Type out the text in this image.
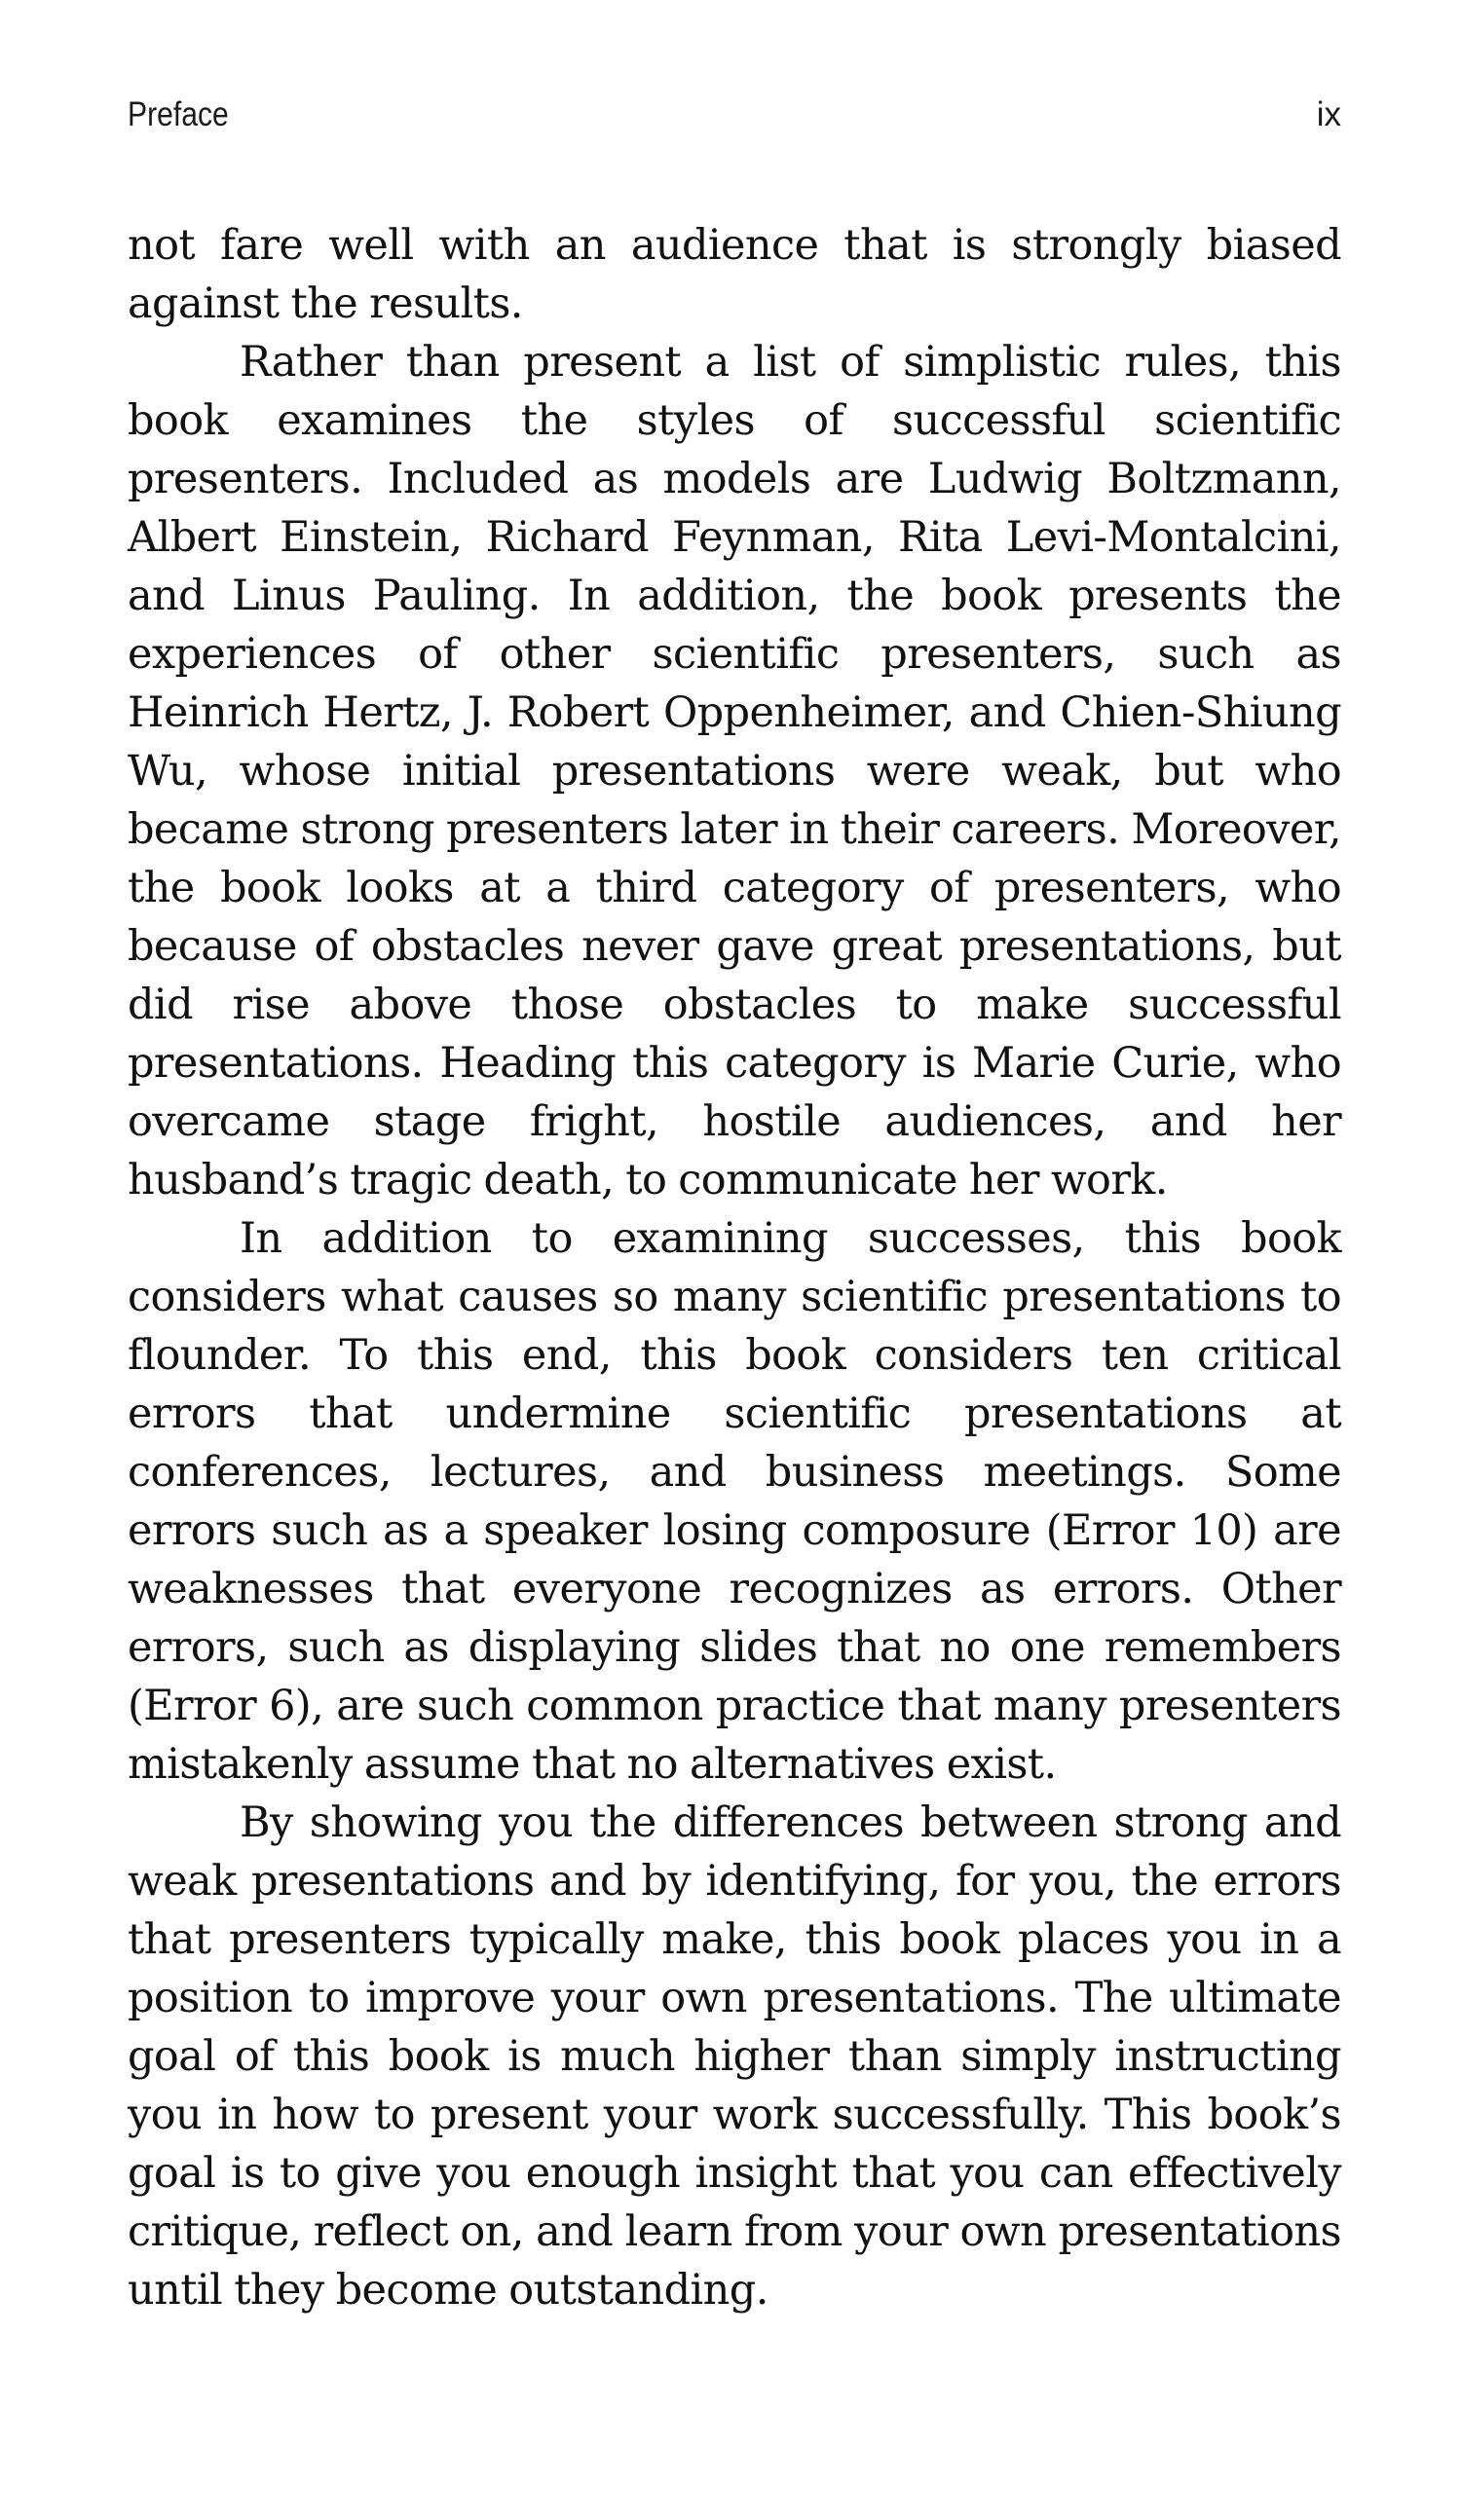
Preface	ix

not fare well with an audience that is strongly biased against the results.

Rather than present a list of simplistic rules, this book examines the styles of successful scientific presenters. Included as models are Ludwig Boltzmann, Albert Einstein, Richard Feynman, Rita Levi-Montalcini, and Linus Pauling. In addition, the book presents the experiences of other scientific presenters, such as Heinrich Hertz, J. Robert Oppenheimer, and Chien-Shiung Wu, whose initial presentations were weak, but who became strong presenters later in their careers. Moreover, the book looks at a third category of presenters, who because of obstacles never gave great presentations, but did rise above those obstacles to make successful presentations. Heading this category is Marie Curie, who overcame stage fright, hostile audiences, and her husband’s tragic death, to communicate her work.

In addition to examining successes, this book considers what causes so many scientific presentations to flounder. To this end, this book considers ten critical errors that undermine scientific presentations at conferences, lectures, and business meetings. Some errors such as a speaker losing composure (Error 10) are weaknesses that everyone recognizes as errors. Other errors, such as displaying slides that no one remembers (Error 6), are such common practice that many presenters mistakenly assume that no alternatives exist.

By showing you the differences between strong and weak presentations and by identifying, for you, the errors that presenters typically make, this book places you in a position to improve your own presentations. The ultimate goal of this book is much higher than simply instructing you in how to present your work successfully. This book’s goal is to give you enough insight that you can effectively critique, reflect on, and learn from your own presentations until they become outstanding.
